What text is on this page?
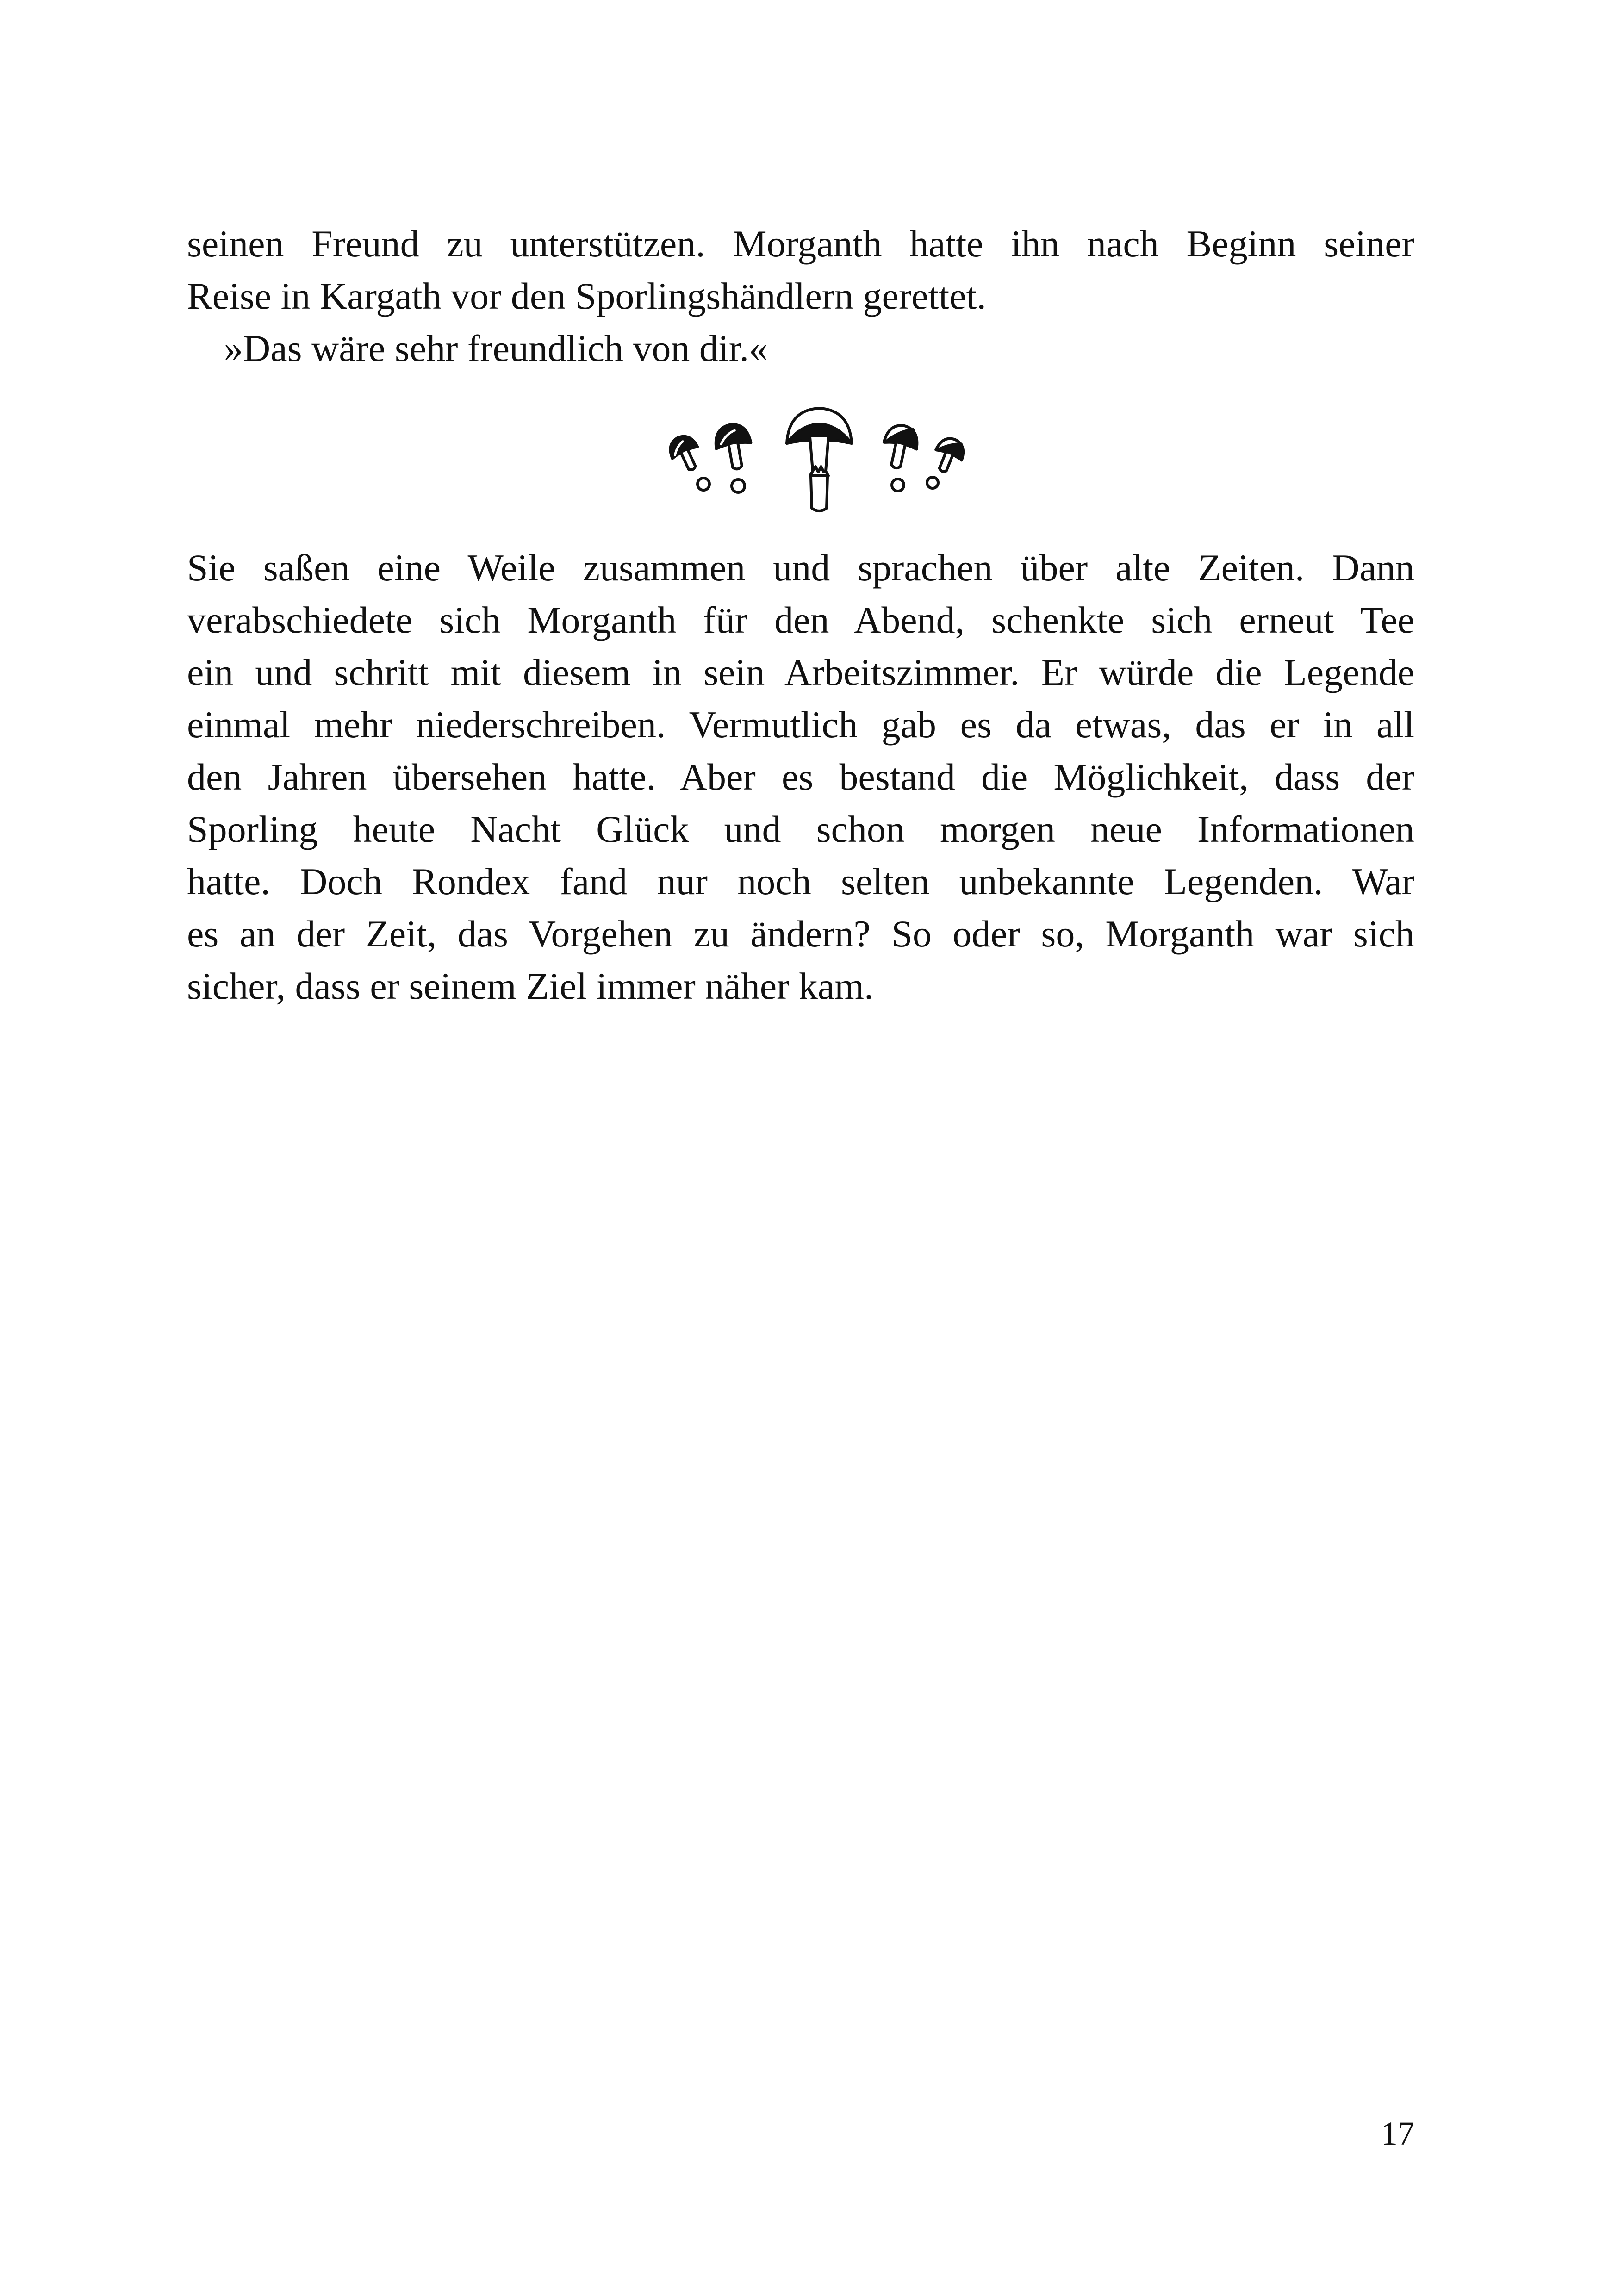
seinen Freund zu unterstützen. Morganth hatte ihn nach Beginn seiner
Reise in Kargath vor den Sporlingshändlern gerettet.
»Das wäre sehr freundlich von dir.«
Sie saßen eine Weile zusammen und sprachen über alte Zeiten. Dann
verabschiedete sich Morganth für den Abend, schenkte sich erneut Tee
ein und schritt mit diesem in sein Arbeitszimmer. Er würde die Legende
einmal mehr niederschreiben. Vermutlich gab es da etwas, das er in all
den Jahren übersehen hatte. Aber es bestand die Möglichkeit, dass der
Sporling heute Nacht Glück und schon morgen neue Informationen
hatte. Doch Rondex fand nur noch selten unbekannte Legenden. War
es an der Zeit, das Vorgehen zu ändern? So oder so, Morganth war sich
sicher, dass er seinem Ziel immer näher kam.
17
